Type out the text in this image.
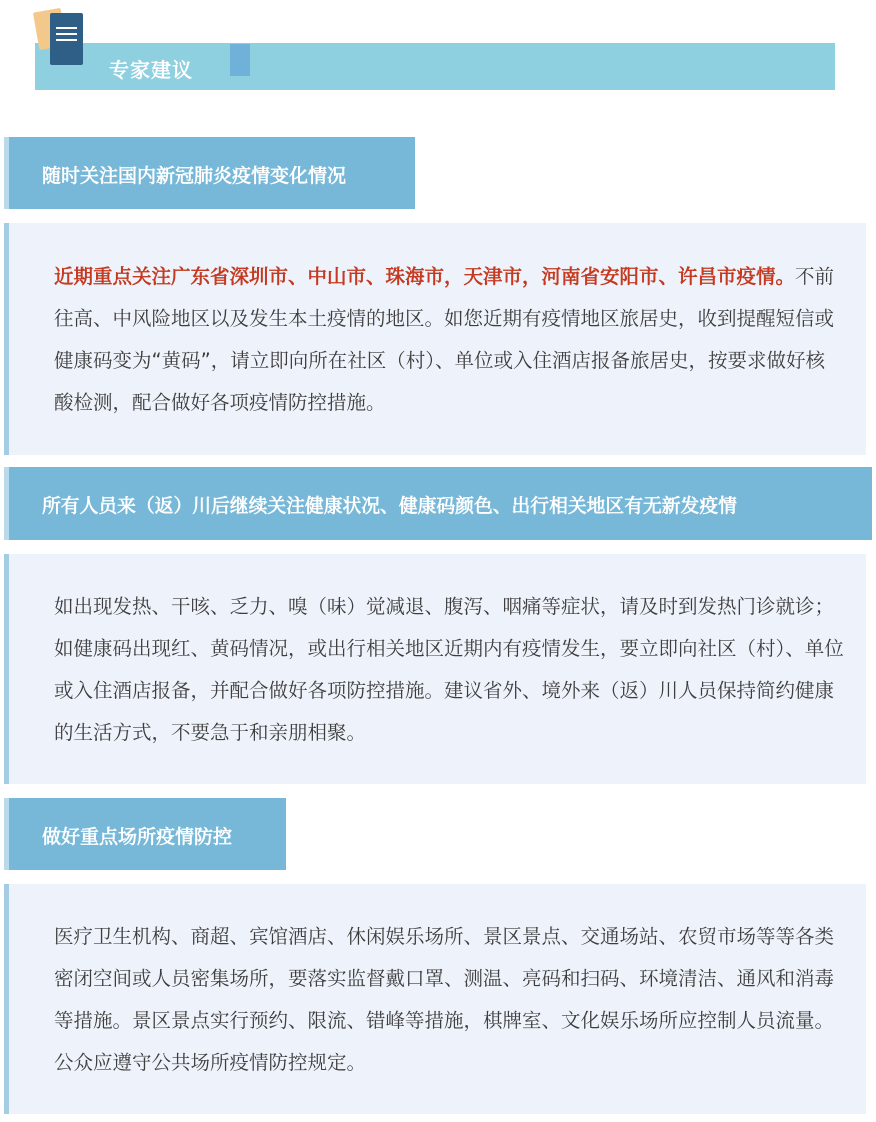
专家建议
随时关注国内新冠肺炎疫情变化情况

近期重点关注广东省深圳市、中山市、珠海市，天津市，河南省安阳市、许昌市疫情。不前往高、中风险地区以及发生本土疫情的地区。如您近期有疫情地区旅居史，收到提醒短信或健康码变为“黄码”，请立即向所在社区（村）、单位或入住酒店报备旅居史，按要求做好核酸检测，配合做好各项疫情防控措施。

所有人员来（返）川后继续关注健康状况、健康码颜色、出行相关地区有无新发疫情

如出现发热、干咳、乏力、嗅（味）觉减退、腹泻、咽痛等症状，请及时到发热门诊就诊；如健康码出现红、黄码情况，或出行相关地区近期内有疫情发生，要立即向社区（村）、单位或入住酒店报备，并配合做好各项防控措施。建议省外、境外来（返）川人员保持简约健康的生活方式，不要急于和亲朋相聚。

做好重点场所疫情防控

医疗卫生机构、商超、宾馆酒店、休闲娱乐场所、景区景点、交通场站、农贸市场等等各类密闭空间或人员密集场所，要落实监督戴口罩、测温、亮码和扫码、环境清洁、通风和消毒等措施。景区景点实行预约、限流、错峰等措施，棋牌室、文化娱乐场所应控制人员流量。公众应遵守公共场所疫情防控规定。
